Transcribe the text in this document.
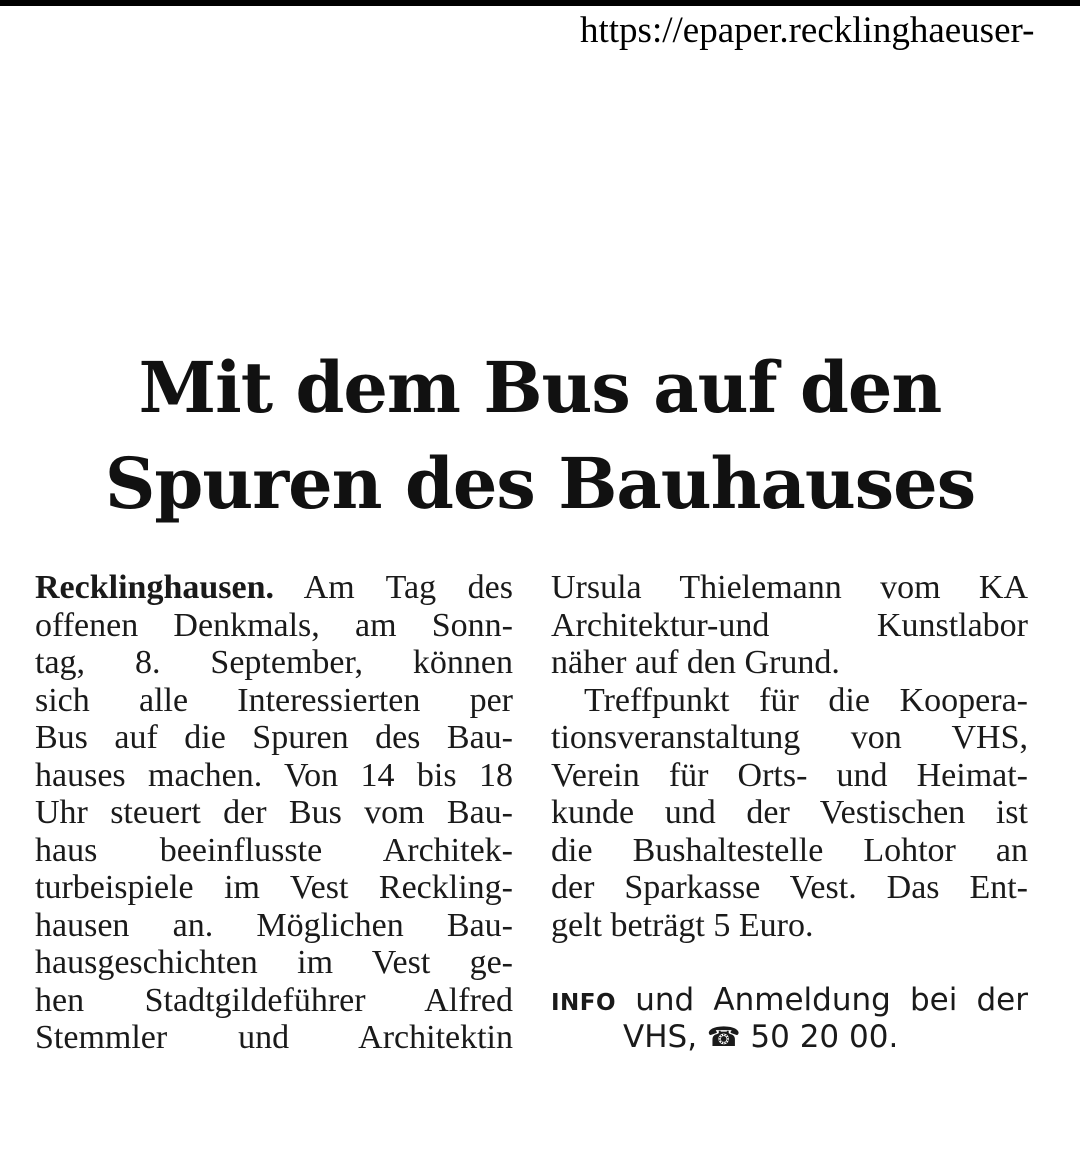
https://epaper.recklinghaeuser-
Mit dem Bus auf den
Spuren des Bauhauses
Recklinghausen. Am Tag des
offenen Denkmals, am Sonn-
tag, 8. September, können
sich alle Interessierten per
Bus auf die Spuren des Bau-
hauses machen. Von 14 bis 18
Uhr steuert der Bus vom Bau-
haus beeinflusste Architek-
turbeispiele im Vest Reckling-
hausen an. Möglichen Bau-
hausgeschichten im Vest ge-
hen Stadtgildeführer Alfred
Stemmler und Architektin
Ursula Thielemann vom KA
Architektur-und Kunstlabor
näher auf den Grund.
Treffpunkt für die Koopera-
tionsveranstaltung von VHS,
Verein für Orts- und Heimat-
kunde und der Vestischen ist
die Bushaltestelle Lohtor an
der Sparkasse Vest. Das Ent-
gelt beträgt 5 Euro.
INFO und Anmeldung bei der
VHS, ☎ 50 20 00.
